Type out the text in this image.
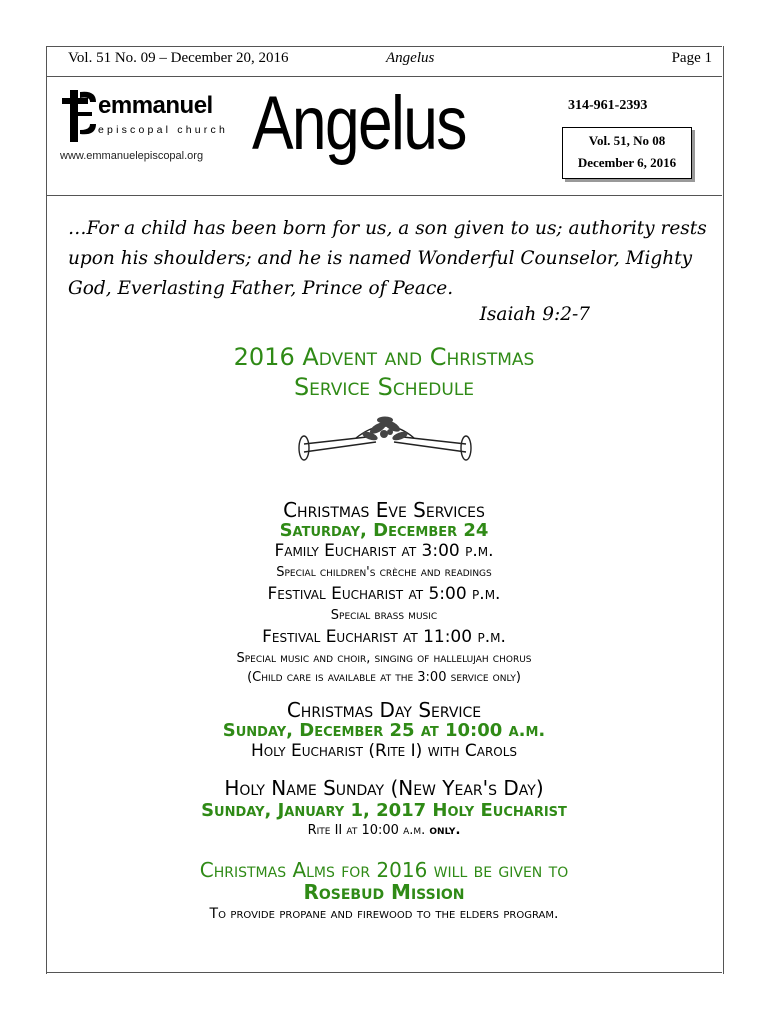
Vol. 51 No. 09 – December 20, 2016	Angelus	Page 1
emmanuel
episcopal church
www.emmanuelepiscopal.org Angelus	314-961-2393
Vol. 51, No 08
December 6, 2016
…For a child has been born for us, a son given to us; authority rests upon his shoulders; and he is named Wonderful Counselor, Mighty God, Everlasting Father, Prince of Peace.
Isaiah 9:2-7
2016 Advent and Christmas
Service Schedule
Christmas Eve Services
Saturday, December 24
Family Eucharist at 3:00 p.m.
Special children's crèche and readings
Festival Eucharist at 5:00 p.m.
Special brass music
Festival Eucharist at 11:00 p.m.
Special music and choir, singing of hallelujah chorus
(Child care is available at the 3:00 service only)
Christmas Day Service
Sunday, December 25 at 10:00 a.m.
Holy Eucharist (Rite I) with Carols
Holy Name Sunday (New Year's Day)
Sunday, January 1, 2017 Holy Eucharist
Rite II at 10:00 a.m. only.
Christmas Alms for 2016 will be given to
Rosebud Mission
To provide propane and firewood to the elders program.
